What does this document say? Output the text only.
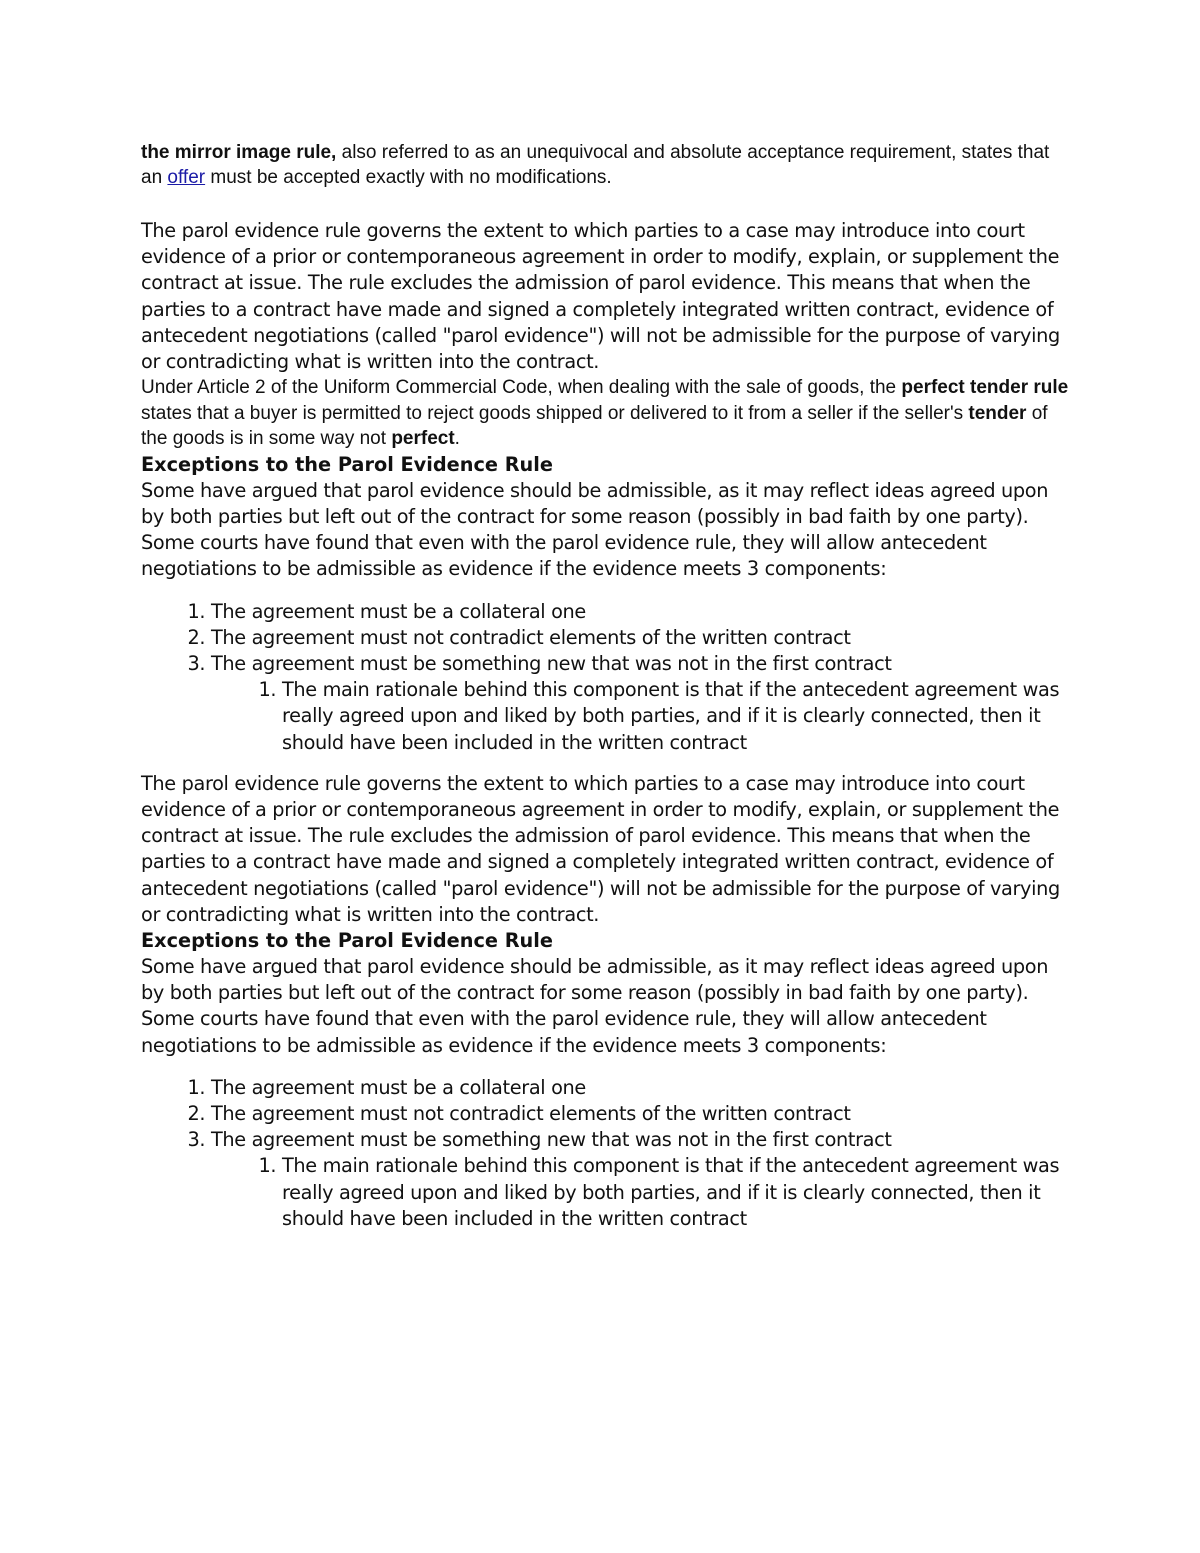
the mirror image rule, also referred to as an unequivocal and absolute acceptance requirement, states that an offer must be accepted exactly with no modifications.

The parol evidence rule governs the extent to which parties to a case may introduce into court evidence of a prior or contemporaneous agreement in order to modify, explain, or supplement the contract at issue. The rule excludes the admission of parol evidence. This means that when the parties to a contract have made and signed a completely integrated written contract, evidence of antecedent negotiations (called "parol evidence") will not be admissible for the purpose of varying or contradicting what is written into the contract.

Under Article 2 of the Uniform Commercial Code, when dealing with the sale of goods, the perfect tender rule states that a buyer is permitted to reject goods shipped or delivered to it from a seller if the seller's tender of the goods is in some way not perfect.

Exceptions to the Parol Evidence Rule

Some have argued that parol evidence should be admissible, as it may reflect ideas agreed upon by both parties but left out of the contract for some reason (possibly in bad faith by one party). Some courts have found that even with the parol evidence rule, they will allow antecedent negotiations to be admissible as evidence if the evidence meets 3 components:

1. The agreement must be a collateral one
2. The agreement must not contradict elements of the written contract
3. The agreement must be something new that was not in the first contract
1. The main rationale behind this component is that if the antecedent agreement was really agreed upon and liked by both parties, and if it is clearly connected, then it should have been included in the written contract

The parol evidence rule governs the extent to which parties to a case may introduce into court evidence of a prior or contemporaneous agreement in order to modify, explain, or supplement the contract at issue. The rule excludes the admission of parol evidence. This means that when the parties to a contract have made and signed a completely integrated written contract, evidence of antecedent negotiations (called "parol evidence") will not be admissible for the purpose of varying or contradicting what is written into the contract.

Exceptions to the Parol Evidence Rule

Some have argued that parol evidence should be admissible, as it may reflect ideas agreed upon by both parties but left out of the contract for some reason (possibly in bad faith by one party). Some courts have found that even with the parol evidence rule, they will allow antecedent negotiations to be admissible as evidence if the evidence meets 3 components:

1. The agreement must be a collateral one
2. The agreement must not contradict elements of the written contract
3. The agreement must be something new that was not in the first contract
1. The main rationale behind this component is that if the antecedent agreement was really agreed upon and liked by both parties, and if it is clearly connected, then it should have been included in the written contract
